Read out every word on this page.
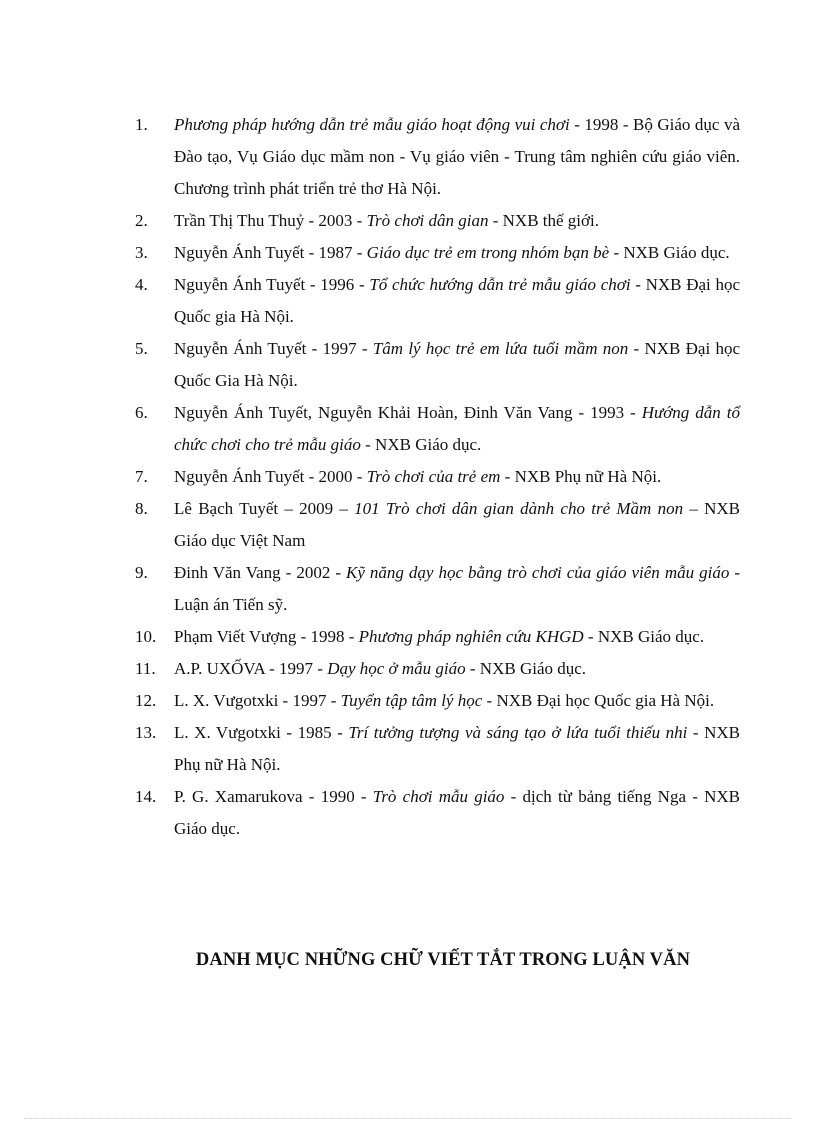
1. Phương pháp hướng dẫn trẻ mẫu giáo hoạt động vui chơi - 1998 - Bộ Giáo dục và Đào tạo, Vụ Giáo dục mầm non - Vụ giáo viên - Trung tâm nghiên cứu giáo viên. Chương trình phát triển trẻ thơ Hà Nội.
2. Trần Thị Thu Thuỷ - 2003 - Trò chơi dân gian - NXB thế giới.
3. Nguyễn Ánh Tuyết - 1987 - Giáo dục trẻ em trong nhóm bạn bè - NXB Giáo dục.
4. Nguyễn Ánh Tuyết - 1996 - Tổ chức hướng dẫn trẻ mẫu giáo chơi - NXB Đại học Quốc gia Hà Nội.
5. Nguyễn Ánh Tuyết - 1997 - Tâm lý học trẻ em lứa tuổi mầm non - NXB Đại học Quốc Gia Hà Nội.
6. Nguyễn Ánh Tuyết, Nguyễn Khải Hoàn, Đinh Văn Vang - 1993 - Hướng dẫn tổ chức chơi cho trẻ mẫu giáo - NXB Giáo dục.
7. Nguyễn Ánh Tuyết - 2000 - Trò chơi của trẻ em - NXB Phụ nữ Hà Nội.
8. Lê Bạch Tuyết – 2009 – 101 Trò chơi dân gian dành cho trẻ Mầm non – NXB Giáo dục Việt Nam
9. Đinh Văn Vang - 2002 - Kỹ năng dạy học bằng trò chơi của giáo viên mẫu giáo - Luận án Tiến sỹ.
10. Phạm Viết Vượng - 1998 - Phương pháp nghiên cứu KHGD - NXB Giáo dục.
11. A.P. UXỐVA - 1997 - Dạy học ở mẫu giáo - NXB Giáo dục.
12. L. X. Vưgotxki - 1997 - Tuyển tập tâm lý học - NXB Đại học Quốc gia Hà Nội.
13. L. X. Vưgotxki - 1985 - Trí tưởng tượng và sáng tạo ở lứa tuổi thiếu nhi - NXB Phụ nữ Hà Nội.
14. P. G. Xamarukova - 1990 - Trò chơi mẫu giáo - dịch từ bảng tiếng Nga - NXB Giáo dục.
DANH MỤC NHỮNG CHỮ VIẾT TẮT TRONG LUẬN VĂN
